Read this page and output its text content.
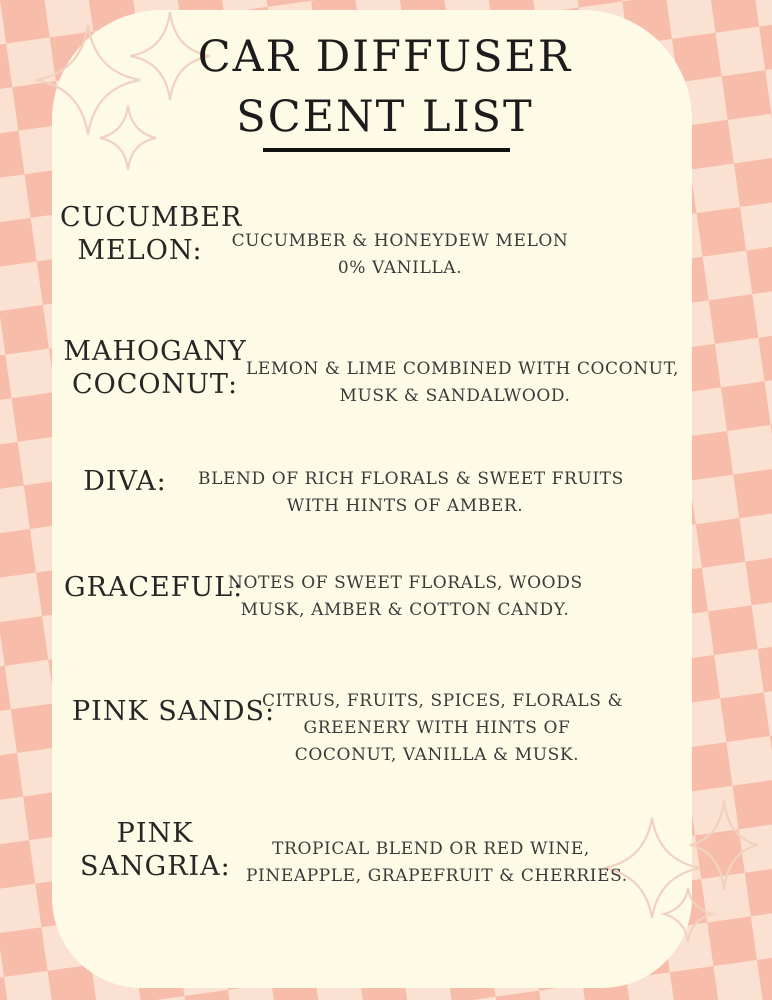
CAR DIFFUSER
SCENT LIST
CUCUMBER
MELON:	CUCUMBER & HONEYDEW MELON
0% VANILLA.
MAHOGANY
COCONUT: LEMON & LIME COMBINED WITH COCONUT,
MUSK & SANDALWOOD.
DIVA:	BLEND OF RICH FLORALS & SWEET FRUITS
WITH HINTS OF AMBER.
GRACEFUL:
NOTES OF SWEET FLORALS, WOODS
MUSK, AMBER & COTTON CANDY.
PINK SANDS:
CITRUS, FRUITS, SPICES, FLORALS &
GREENERY WITH HINTS OF
COCONUT, VANILLA & MUSK.
PINK
SANGRIA:
TROPICAL BLEND OR RED WINE,
PINEAPPLE, GRAPEFRUIT & CHERRIES.
